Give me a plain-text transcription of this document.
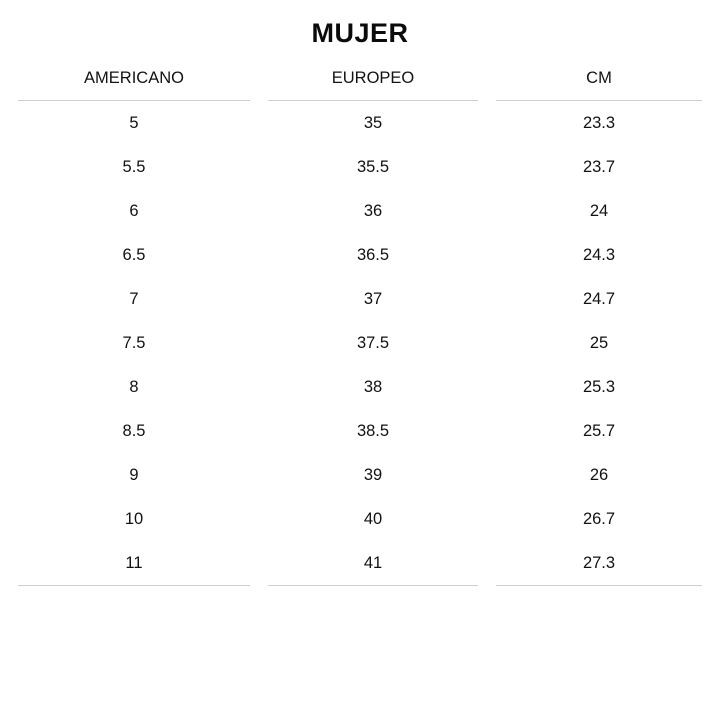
MUJER
AMERICANO		EUROPEO		CM
5		35		23.3
5.5		35.5		23.7
6		36		24
6.5		36.5		24.3
7		37		24.7
7.5		37.5		25
8		38		25.3
8.5		38.5		25.7
9		39		26
10		40		26.7
11		41		27.3
